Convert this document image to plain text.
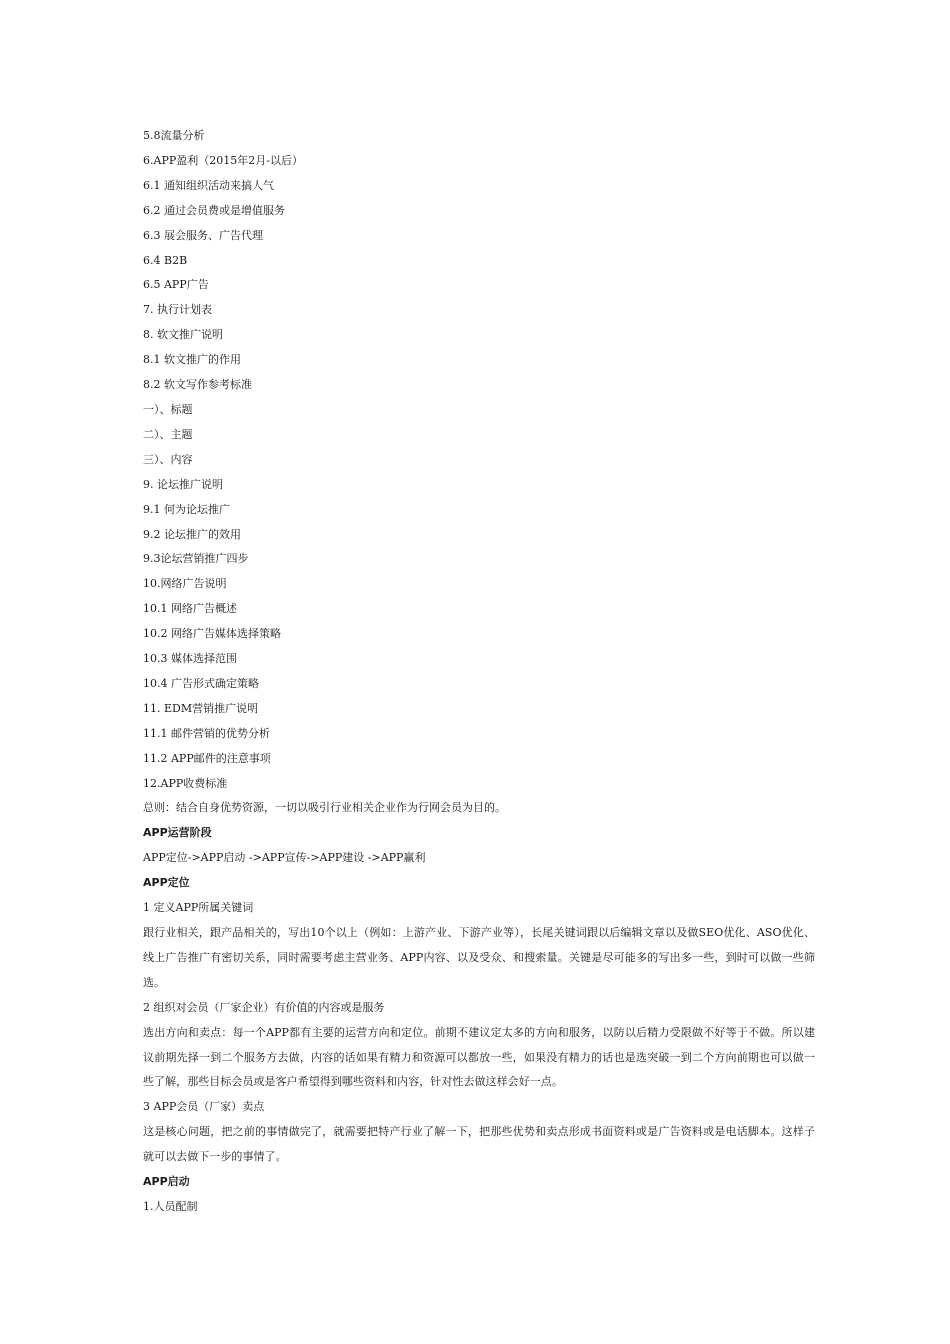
5.8流量分析

6.APP盈利（2015年2月-以后）

6.1 通知组织活动来搞人气

6.2 通过会员费或是增值服务

6.3 展会服务、广告代理

6.4 B2B

6.5 APP广告

7. 执行计划表

8. 软文推广说明

8.1 软文推广的作用

8.2 软文写作参考标准

一）、标题

二）、主题

三）、内容

9. 论坛推广说明

9.1 何为论坛推广

9.2 论坛推广的效用

9.3论坛营销推广四步

10.网络广告说明

10.1 网络广告概述

10.2 网络广告媒体选择策略

10.3 媒体选择范围

10.4 广告形式确定策略

11. EDM营销推广说明

11.1 邮件营销的优势分析

11.2 APP邮件的注意事项

12.APP收费标准

总则：结合自身优势资源，一切以吸引行业相关企业作为行网会员为目的。

APP运营阶段

APP定位->APP启动 ->APP宣传->APP建设 ->APP赢利

APP定位

1 定义APP所属关键词

跟行业相关，跟产品相关的，写出10个以上（例如：上游产业、下游产业等），长尾关键词跟以后编辑文章以及做SEO优化、ASO优化、线上广告推广有密切关系，同时需要考虑主营业务、APP内容、以及受众、和搜索量。关键是尽可能多的写出多一些，到时可以做一些筛选。

2 组织对会员（厂家企业）有价值的内容或是服务

选出方向和卖点：每一个APP都有主要的运营方向和定位。前期不建议定太多的方向和服务，以防以后精力受限做不好等于不做。所以建议前期先择一到二个服务方去做，内容的话如果有精力和资源可以都放一些，如果没有精力的话也是选突破一到二个方向前期也可以做一些了解，那些目标会员或是客户希望得到哪些资料和内容，针对性去做这样会好一点。

3 APP会员（厂家）卖点

这是核心问题，把之前的事情做完了，就需要把特产行业了解一下，把那些优势和卖点形成书面资料或是广告资料或是电话脚本。这样子就可以去做下一步的事情了。

APP启动

1.人员配制
